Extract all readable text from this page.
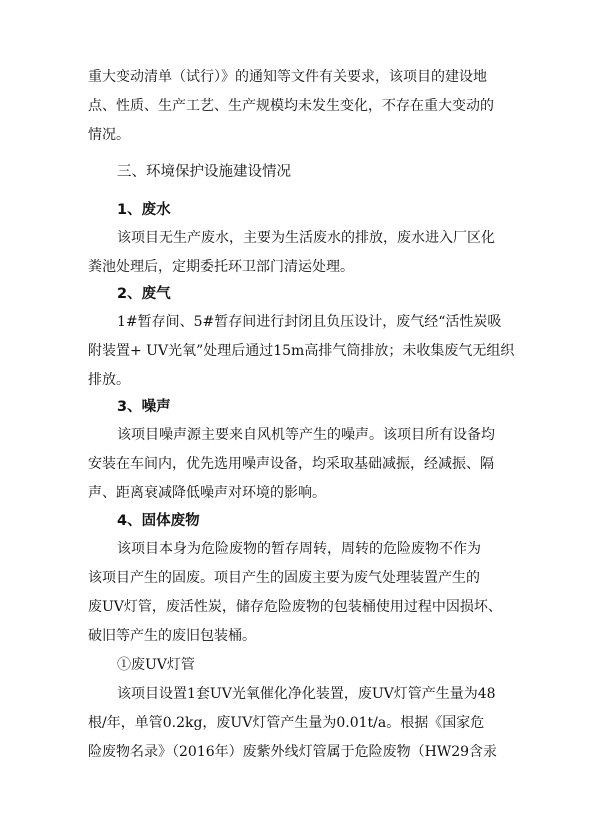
重大变动清单（试行）》的通知等文件有关要求，该项目的建设地
点、性质、生产工艺、生产规模均未发生变化，不存在重大变动的
情况。
三、环境保护设施建设情况
1、废水
该项目无生产废水，主要为生活废水的排放，废水进入厂区化
粪池处理后，定期委托环卫部门清运处理。
2、废气
1#暂存间、5#暂存间进行封闭且负压设计，废气经“活性炭吸
附装置+ UV光氧”处理后通过15m高排气筒排放；未收集废气无组织
排放。
3、噪声
该项目噪声源主要来自风机等产生的噪声。该项目所有设备均
安装在车间内，优先选用噪声设备，均采取基础减振，经减振、隔
声、距离衰减降低噪声对环境的影响。
4、固体废物
该项目本身为危险废物的暂存周转，周转的危险废物不作为
该项目产生的固废。项目产生的固废主要为废气处理装置产生的
废UV灯管，废活性炭，储存危险废物的包装桶使用过程中因损坏、
破旧等产生的废旧包装桶。
①废UV灯管
该项目设置1套UV光氧催化净化装置，废UV灯管产生量为48
根/年，单管0.2kg，废UV灯管产生量为0.01t/a。根据《国家危
险废物名录》（2016年）废紫外线灯管属于危险废物（HW29含汞
